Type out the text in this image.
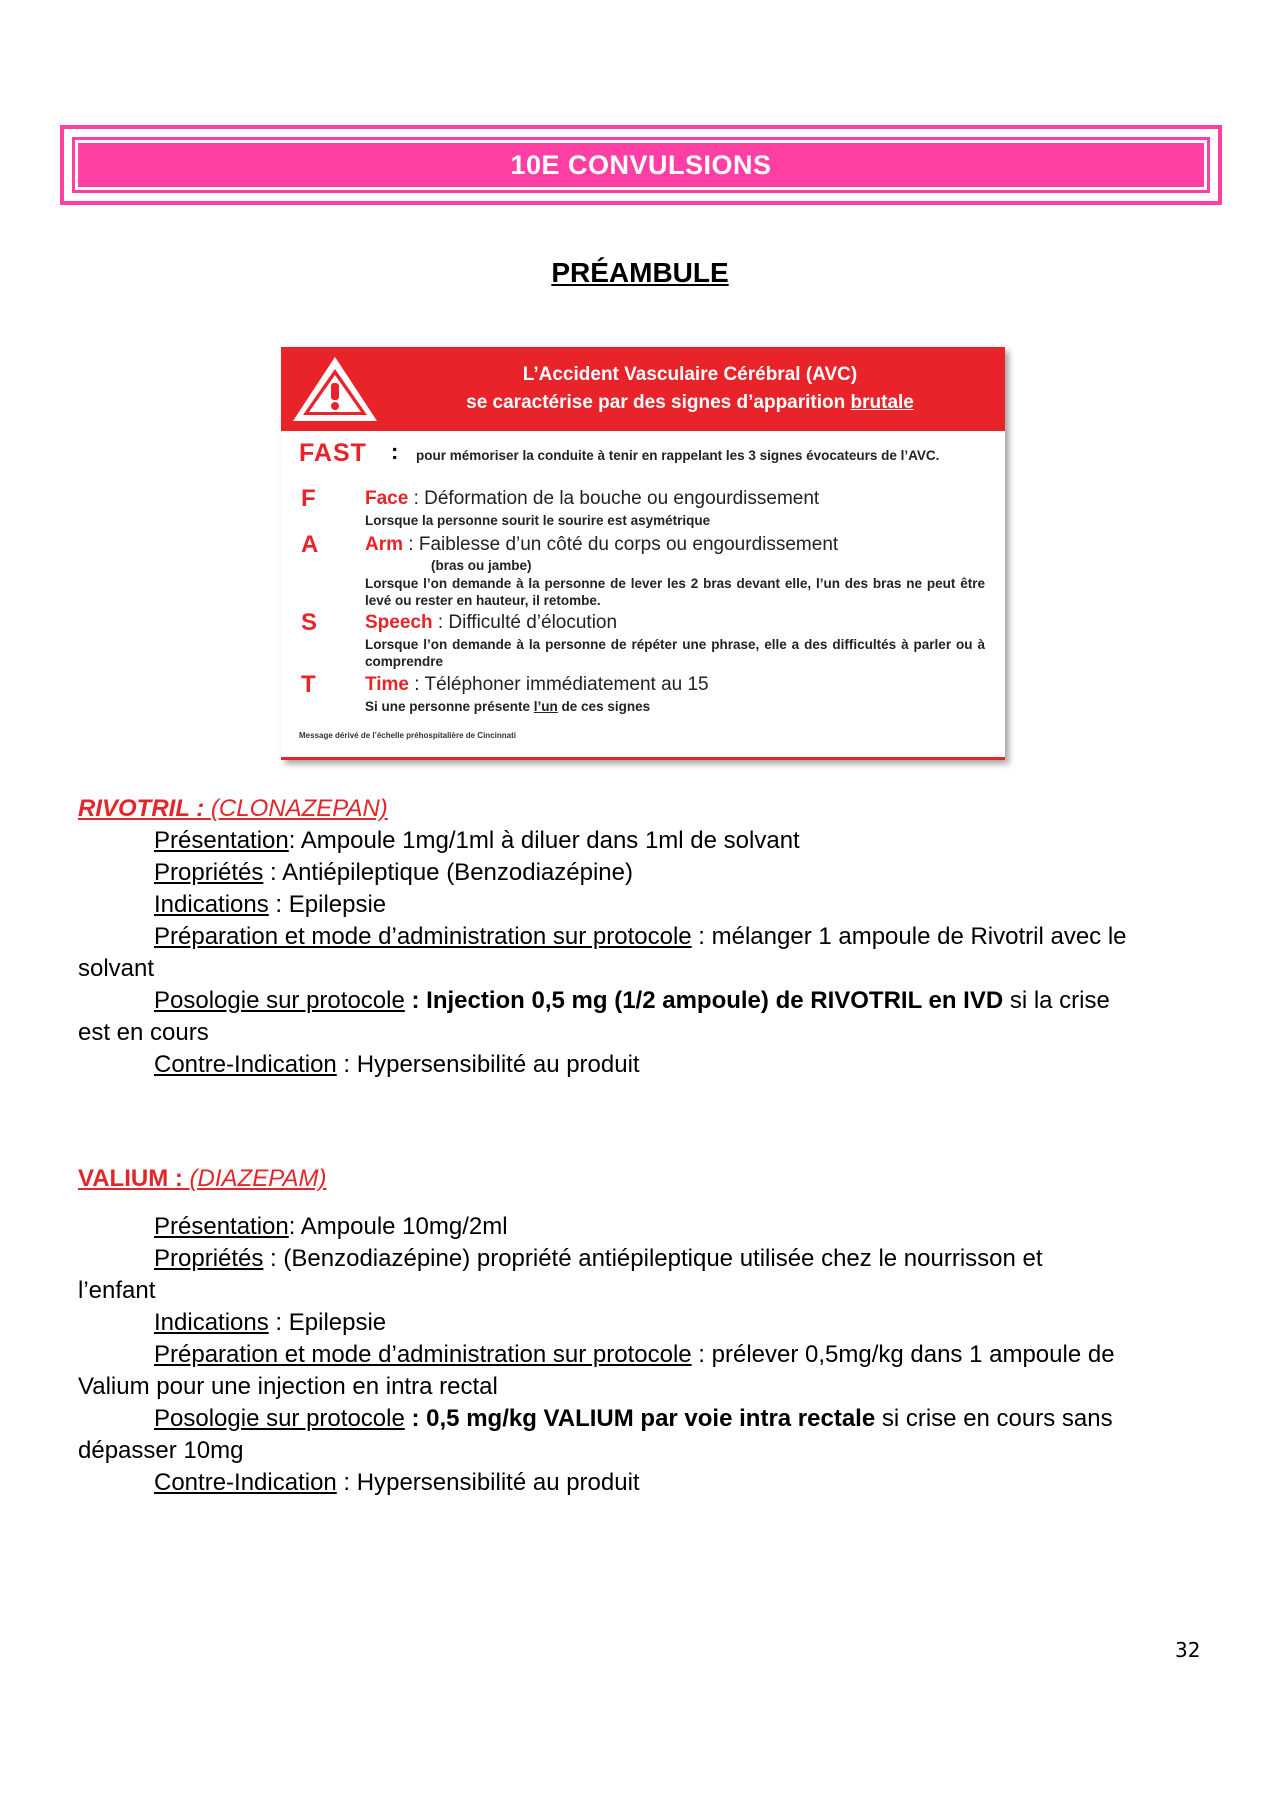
10E CONVULSIONS
PRÉAMBULE
L’Accident Vasculaire Cérébral (AVC)
se caractérise par des signes d’apparition brutale
FAST : pour mémoriser la conduite à tenir en rappelant les 3 signes évocateurs de l’AVC.
F	Face : Déformation de la bouche ou engourdissement
Lorsque la personne sourit le sourire est asymétrique
A Arm : Faiblesse d’un côté du corps ou engourdissement
(bras ou jambe)
Lorsque l’on demande à la personne de lever les 2 bras devant elle, l’un des bras ne peut être levé ou rester en hauteur, il retombe.
S	Speech : Difficulté d’élocution
Lorsque l’on demande à la personne de répéter une phrase, elle a des difficultés à parler ou à comprendre
T	Time : Téléphoner immédiatement au 15
Si une personne présente l’un de ces signes
Message dérivé de l’échelle préhospitalière de Cincinnati
RIVOTRIL : (CLONAZEPAN)
Présentation: Ampoule 1mg/1ml à diluer dans 1ml de solvant
Propriétés : Antiépileptique (Benzodiazépine)
Indications : Epilepsie
Préparation et mode d’administration sur protocole : mélanger 1 ampoule de Rivotril avec le
solvant
Posologie sur protocole : Injection 0,5 mg (1/2 ampoule) de RIVOTRIL en IVD si la crise
est en cours
Contre-Indication : Hypersensibilité au produit
VALIUM : (DIAZEPAM)
Présentation: Ampoule 10mg/2ml
Propriétés : (Benzodiazépine) propriété antiépileptique utilisée chez le nourrisson et
l’enfant
Indications : Epilepsie
Préparation et mode d’administration sur protocole : prélever 0,5mg/kg dans 1 ampoule de
Valium pour une injection en intra rectal
Posologie sur protocole : 0,5 mg/kg VALIUM par voie intra rectale si crise en cours sans
dépasser 10mg
Contre-Indication : Hypersensibilité au produit
32
